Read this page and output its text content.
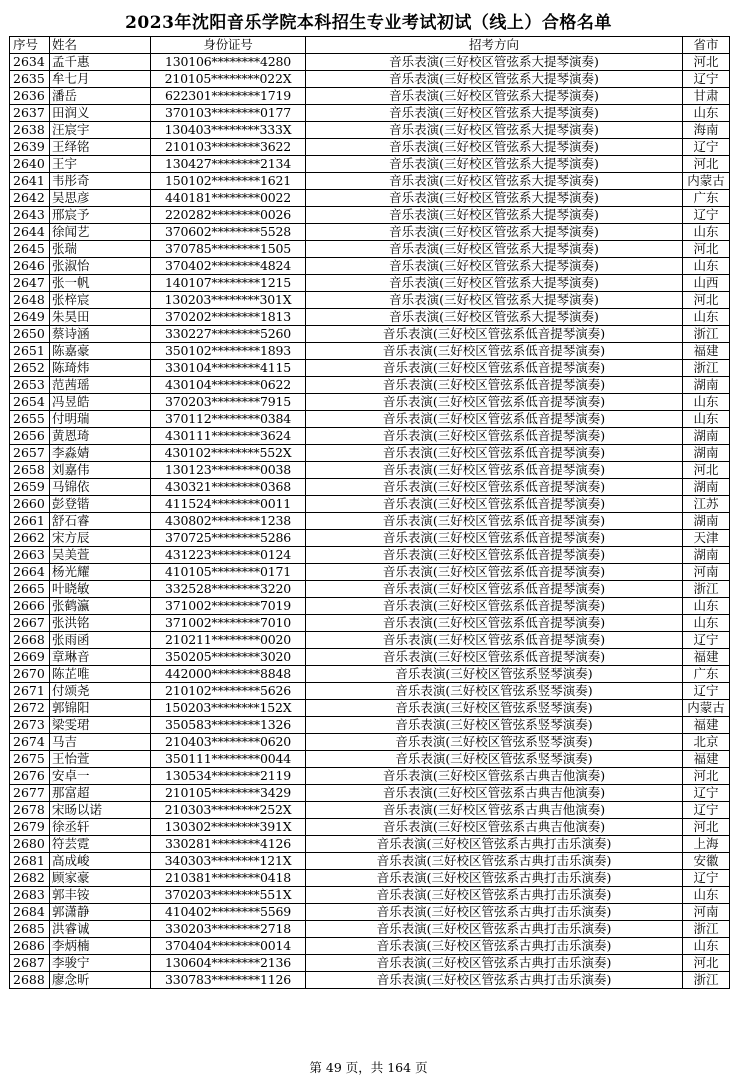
2023年沈阳音乐学院本科招生专业考试初试（线上）合格名单
序号	姓名	身份证号	招考方向	省市
2634	孟千惠	130106********4280	音乐表演(三好校区管弦系大提琴演奏)	河北
2635	牟七月	210105********022X	音乐表演(三好校区管弦系大提琴演奏)	辽宁
2636	潘岳	622301********1719	音乐表演(三好校区管弦系大提琴演奏)	甘肃
2637	田润义	370103********0177	音乐表演(三好校区管弦系大提琴演奏)	山东
2638	汪宸宇	130403********333X	音乐表演(三好校区管弦系大提琴演奏)	海南
2639	王绎铭	210103********3622	音乐表演(三好校区管弦系大提琴演奏)	辽宁
2640	王宇	130427********2134	音乐表演(三好校区管弦系大提琴演奏)	河北
2641	韦彤奇	150102********1621	音乐表演(三好校区管弦系大提琴演奏)	内蒙古
2642	吴思彦	440181********0022	音乐表演(三好校区管弦系大提琴演奏)	广东
2643	邢宸予	220282********0026	音乐表演(三好校区管弦系大提琴演奏)	辽宁
2644	徐闻艺	370602********5528	音乐表演(三好校区管弦系大提琴演奏)	山东
2645	张瑞	370785********1505	音乐表演(三好校区管弦系大提琴演奏)	河北
2646	张淑怡	370402********4824	音乐表演(三好校区管弦系大提琴演奏)	山东
2647	张一帆	140107********1215	音乐表演(三好校区管弦系大提琴演奏)	山西
2648	张梓宸	130203********301X	音乐表演(三好校区管弦系大提琴演奏)	河北
2649	朱昊田	370202********1813	音乐表演(三好校区管弦系大提琴演奏)	山东
2650	蔡诗涵	330227********5260	音乐表演(三好校区管弦系低音提琴演奏)	浙江
2651	陈嘉豪	350102********1893	音乐表演(三好校区管弦系低音提琴演奏)	福建
2652	陈琦炜	330104********4115	音乐表演(三好校区管弦系低音提琴演奏)	浙江
2653	范茜瑶	430104********0622	音乐表演(三好校区管弦系低音提琴演奏)	湖南
2654	冯昱皓	370203********7915	音乐表演(三好校区管弦系低音提琴演奏)	山东
2655	付明瑞	370112********0384	音乐表演(三好校区管弦系低音提琴演奏)	山东
2656	黄恩琦	430111********3624	音乐表演(三好校区管弦系低音提琴演奏)	湖南
2657	李淼婧	430102********552X	音乐表演(三好校区管弦系低音提琴演奏)	湖南
2658	刘嘉伟	130123********0038	音乐表演(三好校区管弦系低音提琴演奏)	河北
2659	马锦依	430321********0368	音乐表演(三好校区管弦系低音提琴演奏)	湖南
2660	彭登锴	411524********0011	音乐表演(三好校区管弦系低音提琴演奏)	江苏
2661	舒石睿	430802********1238	音乐表演(三好校区管弦系低音提琴演奏)	湖南
2662	宋方辰	370725********5286	音乐表演(三好校区管弦系低音提琴演奏)	天津
2663	吴美萱	431223********0124	音乐表演(三好校区管弦系低音提琴演奏)	湖南
2664	杨光耀	410105********0171	音乐表演(三好校区管弦系低音提琴演奏)	河南
2665	叶晓敏	332528********3220	音乐表演(三好校区管弦系低音提琴演奏)	浙江
2666	张鹤瀛	371002********7019	音乐表演(三好校区管弦系低音提琴演奏)	山东
2667	张洪铭	371002********7010	音乐表演(三好校区管弦系低音提琴演奏)	山东
2668	张雨函	210211********0020	音乐表演(三好校区管弦系低音提琴演奏)	辽宁
2669	章琳音	350205********3020	音乐表演(三好校区管弦系低音提琴演奏)	福建
2670	陈芷唯	442000********8848	音乐表演(三好校区管弦系竖琴演奏)	广东
2671	付颂尧	210102********5626	音乐表演(三好校区管弦系竖琴演奏)	辽宁
2672	郭锦阳	150203********152X	音乐表演(三好校区管弦系竖琴演奏)	内蒙古
2673	梁雯珺	350583********1326	音乐表演(三好校区管弦系竖琴演奏)	福建
2674	马吉	210403********0620	音乐表演(三好校区管弦系竖琴演奏)	北京
2675	王怡萱	350111********0044	音乐表演(三好校区管弦系竖琴演奏)	福建
2676	安卓一	130534********2119	音乐表演(三好校区管弦系古典吉他演奏)	河北
2677	那富超	210105********3429	音乐表演(三好校区管弦系古典吉他演奏)	辽宁
2678	宋旸以诺	210303********252X	音乐表演(三好校区管弦系古典吉他演奏)	辽宁
2679	徐丞轩	130302********391X	音乐表演(三好校区管弦系古典吉他演奏)	河北
2680	符芸霓	330281********4126	音乐表演(三好校区管弦系古典打击乐演奏)	上海
2681	高成峻	340303********121X	音乐表演(三好校区管弦系古典打击乐演奏)	安徽
2682	顾家豪	210381********0418	音乐表演(三好校区管弦系古典打击乐演奏)	辽宁
2683	郭丰铵	370203********551X	音乐表演(三好校区管弦系古典打击乐演奏)	山东
2684	郭潇静	410402********5569	音乐表演(三好校区管弦系古典打击乐演奏)	河南
2685	洪睿诚	330203********2718	音乐表演(三好校区管弦系古典打击乐演奏)	浙江
2686	李炳楠	370404********0014	音乐表演(三好校区管弦系古典打击乐演奏)	山东
2687	李骏宁	130604********2136	音乐表演(三好校区管弦系古典打击乐演奏)	河北
2688	廖念昕	330783********1126	音乐表演(三好校区管弦系古典打击乐演奏)	浙江
第 49 页，共 164 页
